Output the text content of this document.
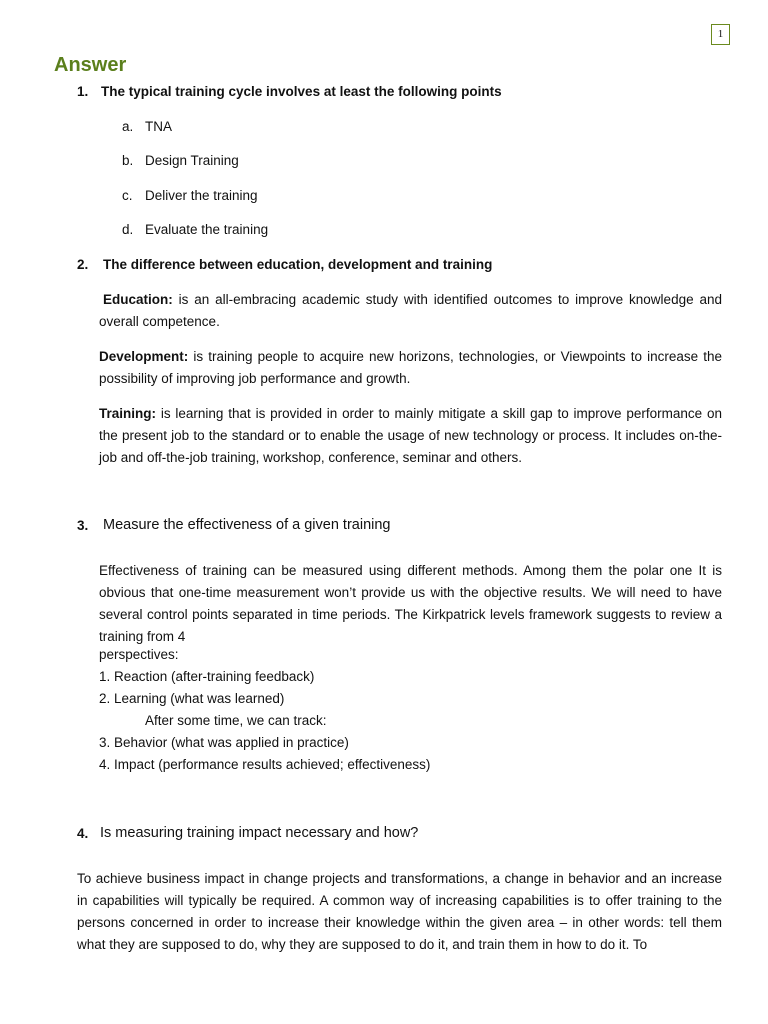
1
Answer
1. The typical training cycle involves at least the following points
a. TNA
b. Design Training
c. Deliver the training
d. Evaluate the training
2. The difference between education, development and training

Education: is an all-embracing academic study with identified outcomes to improve knowledge and overall competence.

Development: is training people to acquire new horizons, technologies, or Viewpoints to increase the possibility of improving job performance and growth.

Training: is learning that is provided in order to mainly mitigate a skill gap to improve performance on the present job to the standard or to enable the usage of new technology or process. It includes on-the-job and off-the-job training, workshop, conference, seminar and others.

3. Measure the effectiveness of a given training

Effectiveness of training can be measured using different methods. Among them the polar one It is obvious that one-time measurement won’t provide us with the objective results. We will need to have several control points separated in time periods. The Kirkpatrick levels framework suggests to review a training from 4

perspectives:
1. Reaction (after-training feedback)
2. Learning (what was learned)
After some time, we can track:
3. Behavior (what was applied in practice)
4. Impact (performance results achieved; effectiveness)
4. Is measuring training impact necessary and how?

To achieve business impact in change projects and transformations, a change in behavior and an increase in capabilities will typically be required. A common way of increasing capabilities is to offer training to the persons concerned in order to increase their knowledge within the given area – in other words: tell them what they are supposed to do, why they are supposed to do it, and train them in how to do it. To
